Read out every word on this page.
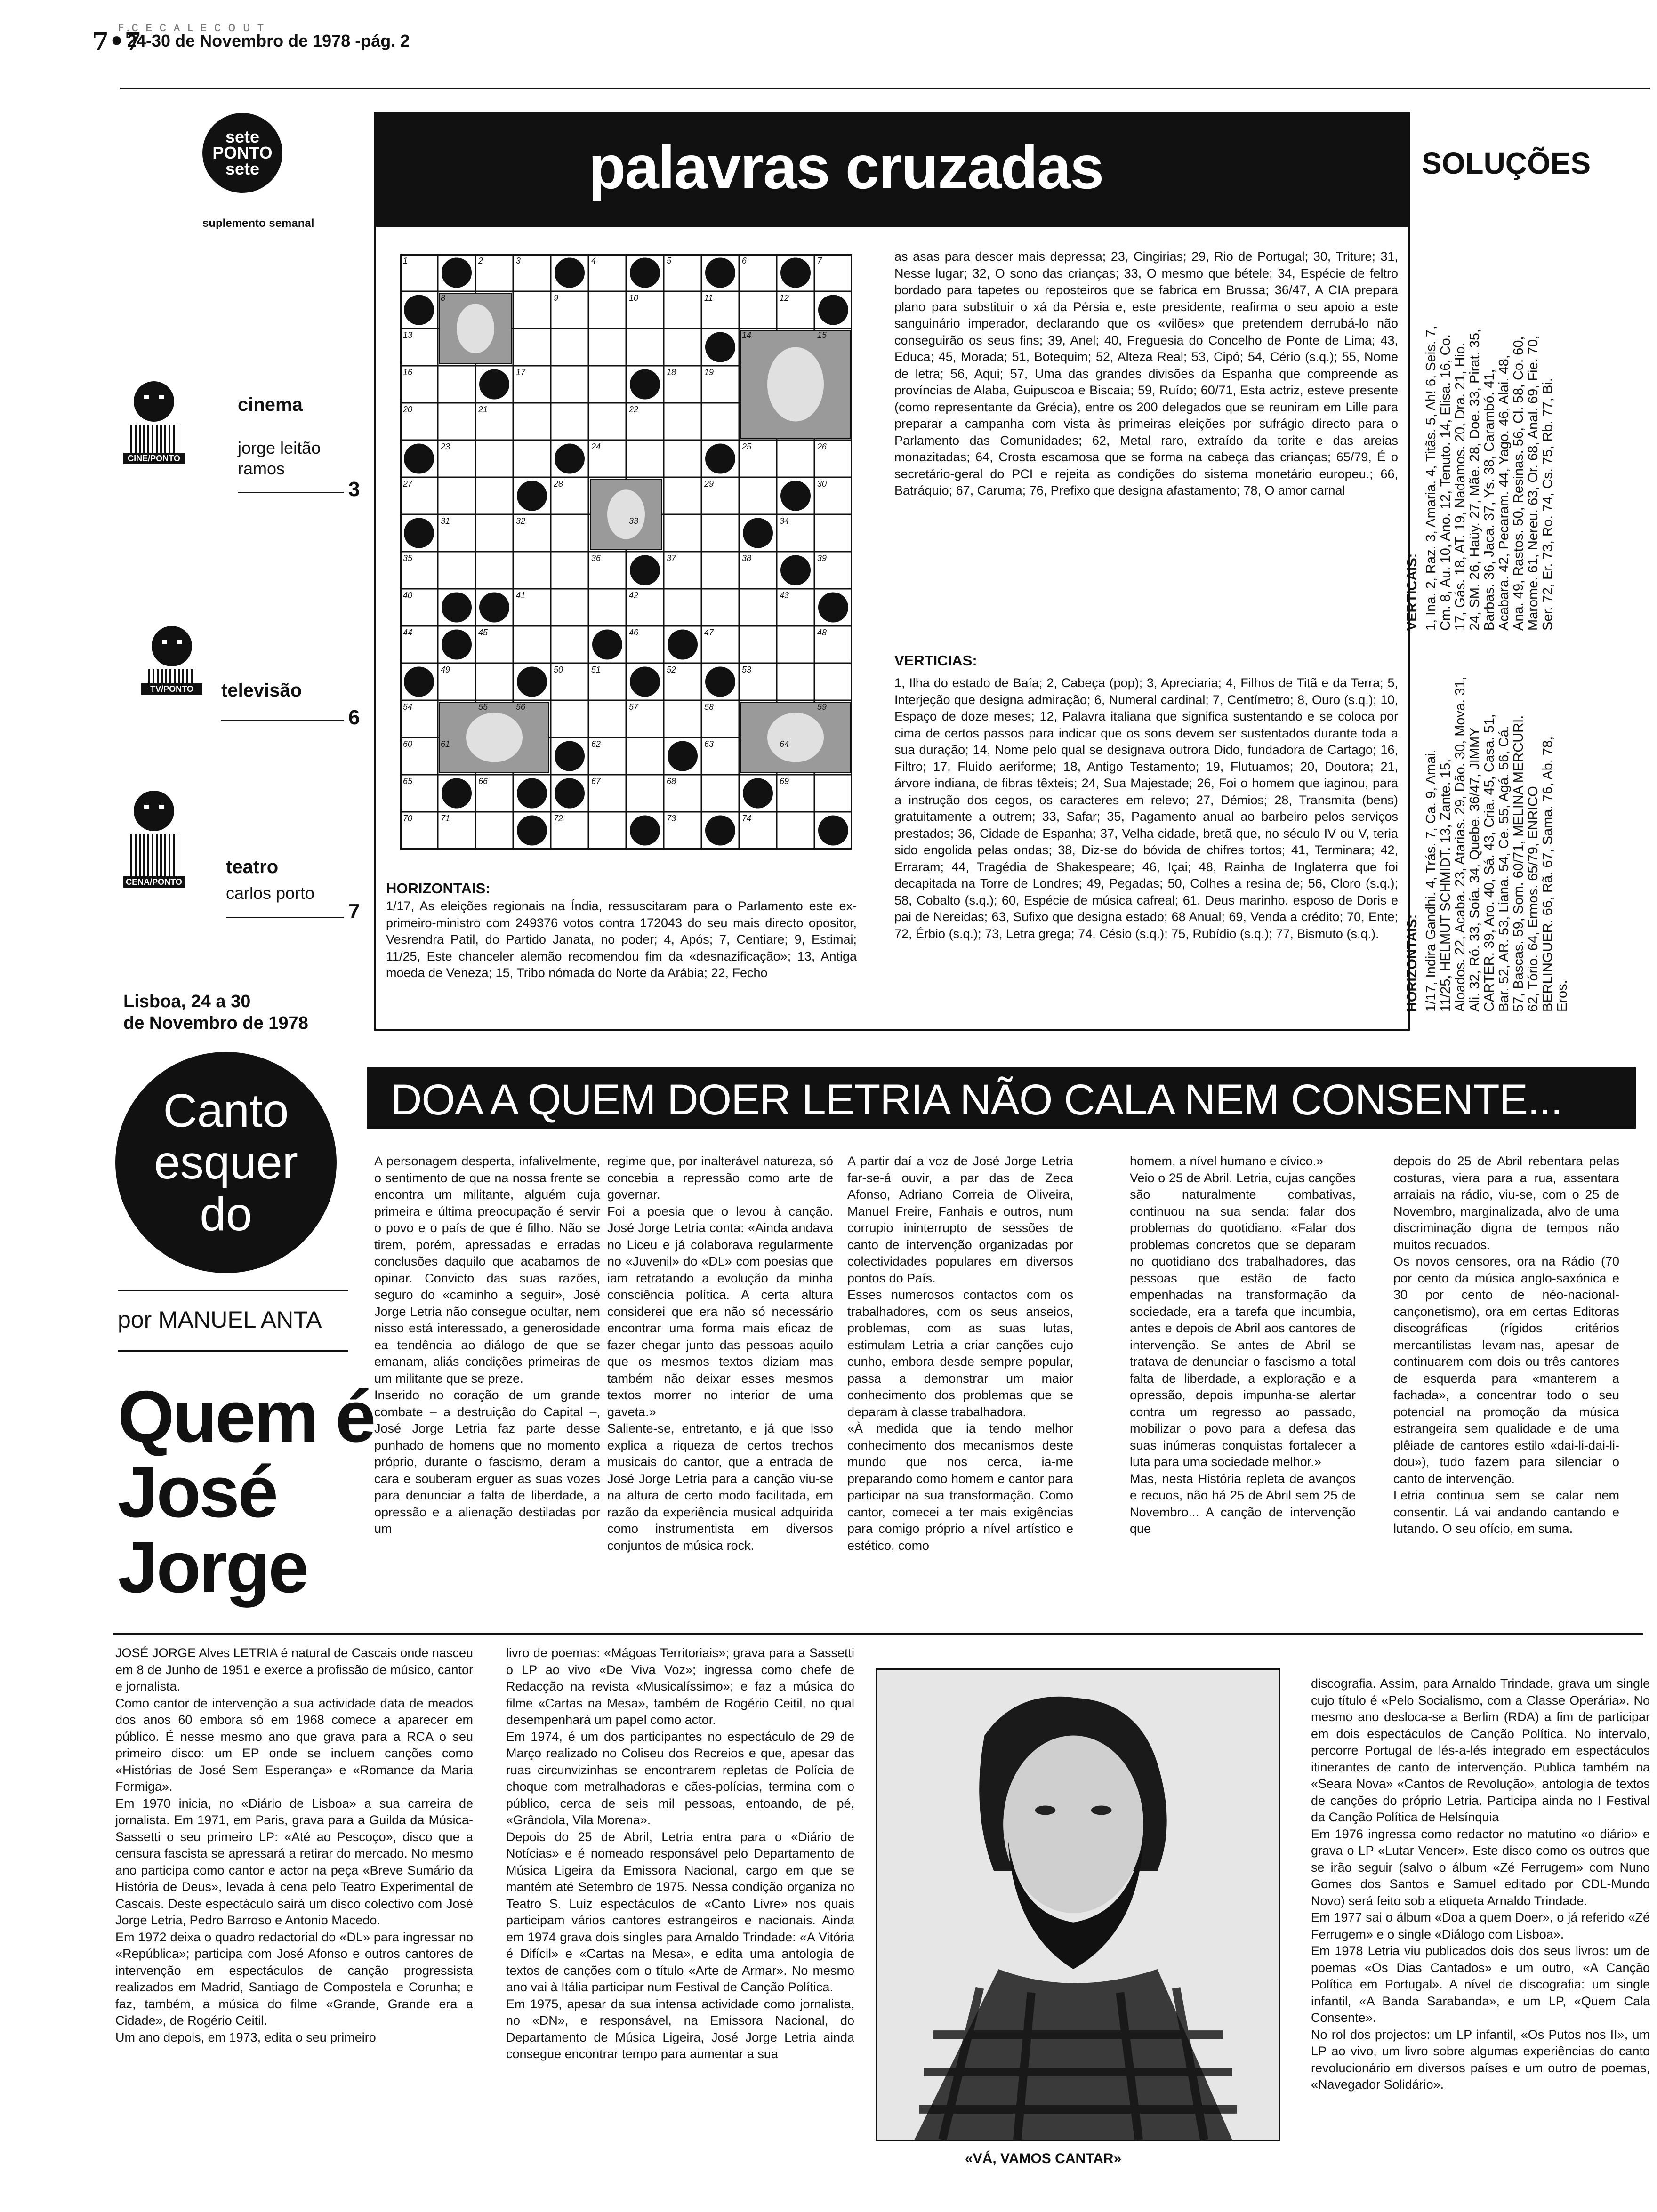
ꜰ.ᴄ ᴇ ᴄ ᴀ ʟ ᴇ ᴄ ᴏ ᴜ ᴛ
7•7
24-30 de Novembro de 1978 -pág. 2
sete
PONTO
sete
suplemento semanal
CINE/PONTO
cinema
jorge leitão ramos
3
TV/PONTO	televisão
6
CENA/PONTO
teatro
carlos porto
7
Lisboa, 24 a 30
de Novembro de 1978
palavras cruzadas	SOLUÇÕES
1	2	3	4	5	6	7
8	9	10	11	12
13	14	15
16	17	18	19
20	21	22
23	24	25	26
27	28	29	30
31	32	33	34
35	36	37	38	39
40	41	42	43
44	45	46	47	48
49	50	51	52	53
54	55	56	57	58	59
60	61	62	63	64
65	66	67	68	69
70	71	72	73	74
HORIZONTAIS:
1/17, As eleições regionais na Índia, ressuscitaram para o Parlamento este ex-primeiro-ministro com 249376 votos contra 172043 do seu mais directo opositor, Vesrendra Patil, do Partido Janata, no poder; 4, Após; 7, Centiare; 9, Estimai; 11/25, Este chanceler alemão recomendou fim da «desnazificação»; 13, Antiga moeda de Veneza; 15, Tribo nómada do Norte da Arábia; 22, Fecho
as asas para descer mais depressa; 23, Cingirias; 29, Rio de Portugal; 30, Triture; 31, Nesse lugar; 32, O sono das crianças; 33, O mesmo que bétele; 34, Espécie de feltro bordado para tapetes ou reposteiros que se fabrica em Brussa; 36/47, A CIA prepara plano para substituir o xá da Pérsia e, este presidente, reafirma o seu apoio a este sanguinário imperador, declarando que os «vilões» que pretendem derrubá-lo não conseguirão os seus fins; 39, Anel; 40, Freguesia do Concelho de Ponte de Lima; 43, Educa; 45, Morada; 51, Botequim; 52, Alteza Real; 53, Cipó; 54, Cério (s.q.); 55, Nome de letra; 56, Aqui; 57, Uma das grandes divisões da Espanha que compreende as províncias de Alaba, Guipuscoa e Biscaia; 59, Ruído; 60/71, Esta actriz, esteve presente (como representante da Grécia), entre os 200 delegados que se reuniram em Lille para preparar a campanha com vista às primeiras eleições por sufrágio directo para o Parlamento das Comunidades; 62, Metal raro, extraído da torite e das areias monazitadas; 64, Crosta escamosa que se forma na cabeça das crianças; 65/79, É o secretário-geral do PCI e rejeita as condições do sistema monetário europeu.; 66, Batráquio; 67, Caruma; 76, Prefixo que designa afastamento; 78, O amor carnal
VERTICIAS:
1, Ilha do estado de Baía; 2, Cabeça (pop); 3, Apreciaria; 4, Filhos de Titã e da Terra; 5, Interjeção que designa admiração; 6, Numeral cardinal; 7, Centímetro; 8, Ouro (s.q.); 10, Espaço de doze meses; 12, Palavra italiana que significa sustentando e se coloca por cima de certos passos para indicar que os sons devem ser sustentados durante toda a sua duração; 14, Nome pelo qual se designava outrora Dido, fundadora de Cartago; 16, Filtro; 17, Fluido aeriforme; 18, Antigo Testamento; 19, Flutuamos; 20, Doutora; 21, árvore indiana, de fibras têxteis; 24, Sua Majestade; 26, Foi o homem que iaginou, para a instrução dos cegos, os caracteres em relevo; 27, Démios; 28, Transmita (bens) gratuitamente a outrem; 33, Safar; 35, Pagamento anual ao barbeiro pelos serviços prestados; 36, Cidade de Espanha; 37, Velha cidade, bretã que, no século IV ou V, teria sido engolida pelas ondas; 38, Diz-se do bóvida de chifres tortos; 41, Terminara; 42, Erraram; 44, Tragédia de Shakespeare; 46, Içai; 48, Rainha de Inglaterra que foi decapitada na Torre de Londres; 49, Pegadas; 50, Colhes a resina de; 56, Cloro (s.q.); 58, Cobalto (s.q.); 60, Espécie de música cafreal; 61, Deus marinho, esposo de Doris e pai de Nereidas; 63, Sufixo que designa estado; 68 Anual; 69, Venda a crédito; 70, Ente; 72, Érbio (s.q.); 73, Letra grega; 74, Césio (s.q.); 75, Rubídio (s.q.); 77, Bismuto (s.q.).
VERTICAIS: 1, Ina. 2, Raz. 3, Amaria. 4, Titãs. 5, Ah! 6, Seis. 7, Cm. 8, Au. 10, Ano. 12, Tenuto. 14, Elisa. 16, Co. 17, Gás. 18, AT. 19, Nadamos. 20, Dra. 21, Hio. 24, SM. 26, Haüy. 27, Mãe. 28, Doe. 33, Pirat. 35, Barbas. 36, Jaca. 37, Ys. 38, Carambó. 41, Acabara. 42, Pecaram. 44, Yago. 46, Alai. 48, Ana. 49, Rastos. 50, Resinas. 56, Cl. 58, Co. 60, Marome. 61, Nereu. 63, Or. 68, Anal. 69, Fie. 70, Ser. 72, Er. 73, Ro. 74, Cs. 75, Rb. 77, Bi.
HORIZONTAIS: 1/17, Indira Gandhi. 4, Trás. 7, Ca. 9, Amai. 11/25, HELMUT SCHMIDT. 13, Zante. 15, Aloados. 22, Acaba. 23, Atarias. 29, Dão. 30, Mova. 31, Ali. 32, Ró. 33, Soía. 34, Quebe. 36/47, JIMMY CARTER. 39, Aro. 40, Sá. 43, Cria. 45, Casa. 51, Bar. 52, AR. 53, Liana. 54, Ce. 55, Agá. 56, Cá. 57, Bascas. 59, Som. 60/71, MELINA MERCURI. 62, Tório. 64, Ermos. 65/79, ENRICO BERLINGUER. 66, Rã. 67, Sama. 76, Ab. 78, Eros.
Canto
esquer
do
por MANUEL ANTA
Quem é
José
Jorge
DOA A QUEM DOER LETRIA NÃO CALA NEM CONSENTE...
A personagem desperta, infalivelmente, o sentimento de que na nossa frente se encontra um militante, alguém cuja primeira e última preocupação é servir o povo e o país de que é filho. Não se tirem, porém, apressadas e erradas conclusões daquilo que acabamos de opinar. Convicto das suas razões, seguro do «caminho a seguir», José Jorge Letria não consegue ocultar, nem nisso está interessado, a generosidade ea tendência ao diálogo de que se emanam, aliás condições primeiras de um militante que se preze.
Inserido no coração de um grande combate – a destruição do Capital –, José Jorge Letria faz parte desse punhado de homens que no momento próprio, durante o fascismo, deram a cara e souberam erguer as suas vozes para denunciar a falta de liberdade, a opressão e a alienação destiladas por um
regime que, por inalterável natureza, só concebia a repressão como arte de governar.
Foi a poesia que o levou à canção. José Jorge Letria conta: «Ainda andava no Liceu e já colaborava regularmente no «Juvenil» do «DL» com poesias que iam retratando a evolução da minha consciência política. A certa altura considerei que era não só necessário encontrar uma forma mais eficaz de fazer chegar junto das pessoas aquilo que os mesmos textos diziam mas também não deixar esses mesmos textos morrer no interior de uma gaveta.»
Saliente-se, entretanto, e já que isso explica a riqueza de certos trechos musicais do cantor, que a entrada de José Jorge Letria para a canção viu-se na altura de certo modo facilitada, em razão da experiência musical adquirida como instrumentista em diversos conjuntos de música rock.
A partir daí a voz de José Jorge Letria far-se-á ouvir, a par das de Zeca Afonso, Adriano Correia de Oliveira, Manuel Freire, Fanhais e outros, num corrupio ininterrupto de sessões de canto de intervenção organizadas por colectividades populares em diversos pontos do País.
Esses numerosos contactos com os trabalhadores, com os seus anseios, problemas, com as suas lutas, estimulam Letria a criar canções cujo cunho, embora desde sempre popular, passa a demonstrar um maior conhecimento dos problemas que se deparam à classe trabalhadora.
«À medida que ia tendo melhor conhecimento dos mecanismos deste mundo que nos cerca, ia-me preparando como homem e cantor para participar na sua transformação. Como cantor, comecei a ter mais exigências para comigo próprio a nível artístico e estético, como
homem, a nível humano e cívico.»
Veio o 25 de Abril. Letria, cujas canções são naturalmente combativas, continuou na sua senda: falar dos problemas do quotidiano. «Falar dos problemas concretos que se deparam no quotidiano dos trabalhadores, das pessoas que estão de facto empenhadas na transformação da sociedade, era a tarefa que incumbia, antes e depois de Abril aos cantores de intervenção. Se antes de Abril se tratava de denunciar o fascismo a total falta de liberdade, a exploração e a opressão, depois impunha-se alertar contra um regresso ao passado, mobilizar o povo para a defesa das suas inúmeras conquistas fortalecer a luta para uma sociedade melhor.»
Mas, nesta História repleta de avanços e recuos, não há 25 de Abril sem 25 de Novembro... A canção de intervenção que
depois do 25 de Abril rebentara pelas costuras, viera para a rua, assentara arraiais na rádio, viu-se, com o 25 de Novembro, marginalizada, alvo de uma discriminação digna de tempos não muitos recuados.
Os novos censores, ora na Rádio (70 por cento da música anglo-saxónica e 30 por cento de néo-nacional-cançonetismo), ora em certas Editoras discográficas (rígidos critérios mercantilistas levam-nas, apesar de continuarem com dois ou três cantores de esquerda para «manterem a fachada», a concentrar todo o seu potencial na promoção da música estrangeira sem qualidade e de uma plêiade de cantores estilo «dai-li-dai-li-dou»), tudo fazem para silenciar o canto de intervenção.
Letria continua sem se calar nem consentir. Lá vai andando cantando e lutando. O seu ofício, em suma.
JOSÉ JORGE Alves LETRIA é natural de Cascais onde nasceu em 8 de Junho de 1951 e exerce a profissão de músico, cantor e jornalista.
Como cantor de intervenção a sua actividade data de meados dos anos 60 embora só em 1968 comece a aparecer em público. É nesse mesmo ano que grava para a RCA o seu primeiro disco: um EP onde se incluem canções como «Histórias de José Sem Esperança» e «Romance da Maria Formiga».
Em 1970 inicia, no «Diário de Lisboa» a sua carreira de jornalista. Em 1971, em Paris, grava para a Guilda da Música-Sassetti o seu primeiro LP: «Até ao Pescoço», disco que a censura fascista se apressará a retirar do mercado. No mesmo ano participa como cantor e actor na peça «Breve Sumário da História de Deus», levada à cena pelo Teatro Experimental de Cascais. Deste espectáculo sairá um disco colectivo com José Jorge Letria, Pedro Barroso e Antonio Macedo.
Em 1972 deixa o quadro redactorial do «DL» para ingressar no «República»; participa com José Afonso e outros cantores de intervenção em espectáculos de canção progressista realizados em Madrid, Santiago de Compostela e Corunha; e faz, também, a música do filme «Grande, Grande era a Cidade», de Rogério Ceitil.
Um ano depois, em 1973, edita o seu primeiro
livro de poemas: «Mágoas Territoriais»; grava para a Sassetti o LP ao vivo «De Viva Voz»; ingressa como chefe de Redacção na revista «Musicalíssimo»; e faz a música do filme «Cartas na Mesa», também de Rogério Ceitil, no qual desempenhará um papel como actor.
Em 1974, é um dos participantes no espectáculo de 29 de Março realizado no Coliseu dos Recreios e que, apesar das ruas circunvizinhas se encontrarem repletas de Polícia de choque com metralhadoras e cães-polícias, termina com o público, cerca de seis mil pessoas, entoando, de pé, «Grândola, Vila Morena».
Depois do 25 de Abril, Letria entra para o «Diário de Notícias» e é nomeado responsável pelo Departamento de Música Ligeira da Emissora Nacional, cargo em que se mantém até Setembro de 1975. Nessa condição organiza no Teatro S. Luiz espectáculos de «Canto Livre» nos quais participam vários cantores estrangeiros e nacionais. Ainda em 1974 grava dois singles para Arnaldo Trindade: «A Vitória é Difícil» e «Cartas na Mesa», e edita uma antologia de textos de canções com o título «Arte de Armar». No mesmo ano vai à Itália participar num Festival de Canção Política.
Em 1975, apesar da sua intensa actividade como jornalista, no «DN», e responsável, na Emissora Nacional, do Departamento de Música Ligeira, José Jorge Letria ainda consegue encontrar tempo para aumentar a sua
discografia. Assim, para Arnaldo Trindade, grava um single cujo título é «Pelo Socialismo, com a Classe Operária». No mesmo ano desloca-se a Berlim (RDA) a fim de participar em dois espectáculos de Canção Política. No intervalo, percorre Portugal de lés-a-lés integrado em espectáculos itinerantes de canto de intervenção. Publica também na «Seara Nova» «Cantos de Revolução», antologia de textos de canções do próprio Letria. Participa ainda no I Festival da Canção Política de Helsínquia
Em 1976 ingressa como redactor no matutino «o diário» e grava o LP «Lutar Vencer». Este disco como os outros que se irão seguir (salvo o álbum «Zé Ferrugem» com Nuno Gomes dos Santos e Samuel editado por CDL-Mundo Novo) será feito sob a etiqueta Arnaldo Trindade.
Em 1977 sai o álbum «Doa a quem Doer», o já referido «Zé Ferrugem» e o single «Diálogo com Lisboa».
Em 1978 Letria viu publicados dois dos seus livros: um de poemas «Os Dias Cantados» e um outro, «A Canção Política em Portugal». A nível de discografia: um single infantil, «A Banda Sarabanda», e um LP, «Quem Cala Consente».
No rol dos projectos: um LP infantil, «Os Putos nos II», um LP ao vivo, um livro sobre algumas experiências do canto revolucionário em diversos países e um outro de poemas, «Navegador Solidário».
«VÁ, VAMOS CANTAR»
